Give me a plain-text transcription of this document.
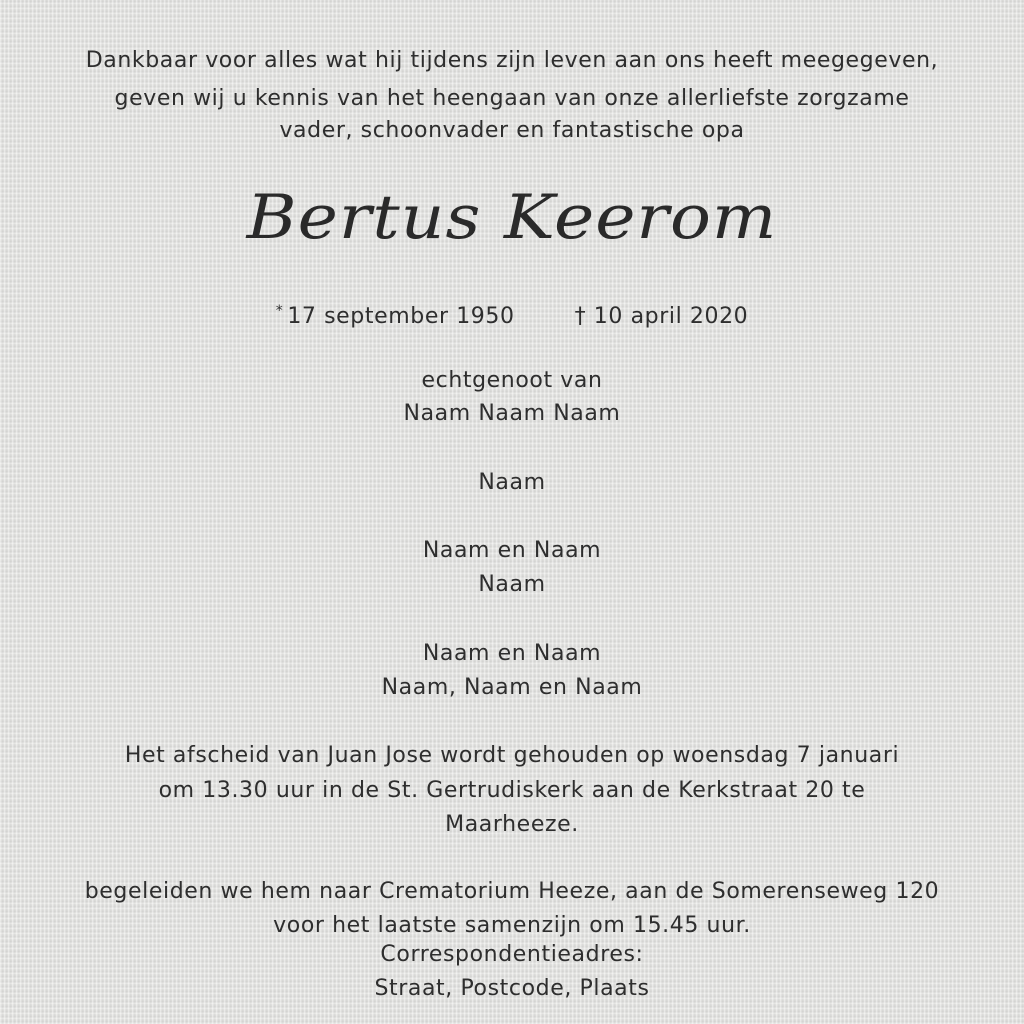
Dankbaar voor alles wat hij tijdens zijn leven aan ons heeft meegegeven,
geven wij u kennis van het heengaan van onze allerliefste zorgzame
vader, schoonvader en fantastische opa
Bertus Keerom
* 17 september 1950	† 10 april 2020
echtgenoot van
Naam Naam Naam
Naam
Naam en Naam
Naam
Naam en Naam
Naam, Naam en Naam
Het afscheid van Juan Jose wordt gehouden op woensdag 7 januari
om 13.30 uur in de St. Gertrudiskerk aan de Kerkstraat 20 te
Maarheeze.
begeleiden we hem naar Crematorium Heeze, aan de Somerenseweg 120
voor het laatste samenzijn om 15.45 uur.
Correspondentieadres:
Straat, Postcode, Plaats
